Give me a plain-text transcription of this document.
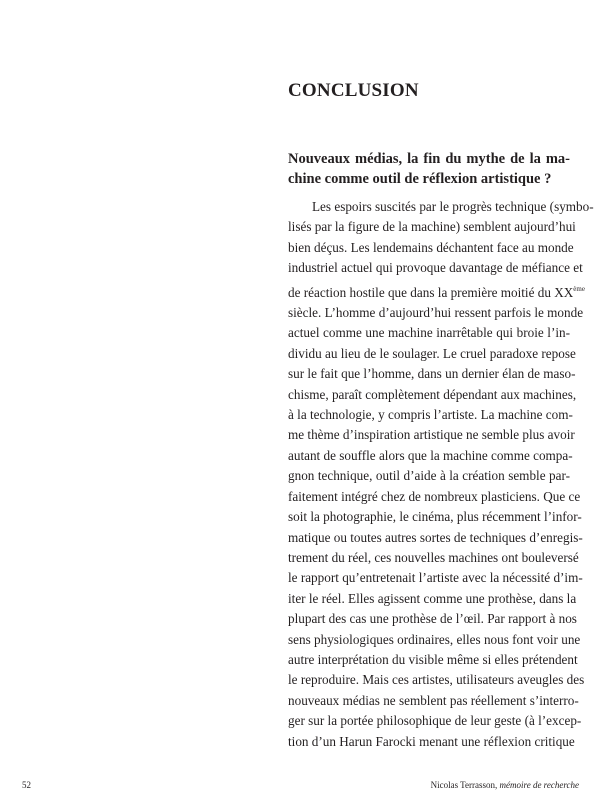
CONCLUSION
Nouveaux médias, la fin du mythe de la ma-
chine comme outil de réflexion artistique ?

Les espoirs suscités par le progrès technique (symbo-
lisés par la figure de la machine) semblent aujourd’hui
bien déçus. Les lendemains déchantent face au monde
industriel actuel qui provoque davantage de méfiance et
de réaction hostile que dans la première moitié du XXème
siècle. L’homme d’aujourd’hui ressent parfois le monde
actuel comme une machine inarrêtable qui broie l’in-
dividu au lieu de le soulager. Le cruel paradoxe repose
sur le fait que l’homme, dans un dernier élan de maso-
chisme, paraît complètement dépendant aux machines,
à la technologie, y compris l’artiste. La machine com-
me thème d’inspiration artistique ne semble plus avoir
autant de souffle alors que la machine comme compa-
gnon technique, outil d’aide à la création semble par-
faitement intégré chez de nombreux plasticiens. Que ce
soit la photographie, le cinéma, plus récemment l’infor-
matique ou toutes autres sortes de techniques d’enregis-
trement du réel, ces nouvelles machines ont bouleversé
le rapport qu’entretenait l’artiste avec la nécessité d’im-
iter le réel. Elles agissent comme une prothèse, dans la
plupart des cas une prothèse de l’œil. Par rapport à nos
sens physiologiques ordinaires, elles nous font voir une
autre interprétation du visible même si elles prétendent
le reproduire. Mais ces artistes, utilisateurs aveugles des
nouveaux médias ne semblent pas réellement s’interro-
ger sur la portée philosophique de leur geste (à l’excep-
tion d’un Harun Farocki menant une réflexion critique

52	Nicolas Terrasson, mémoire de recherche
